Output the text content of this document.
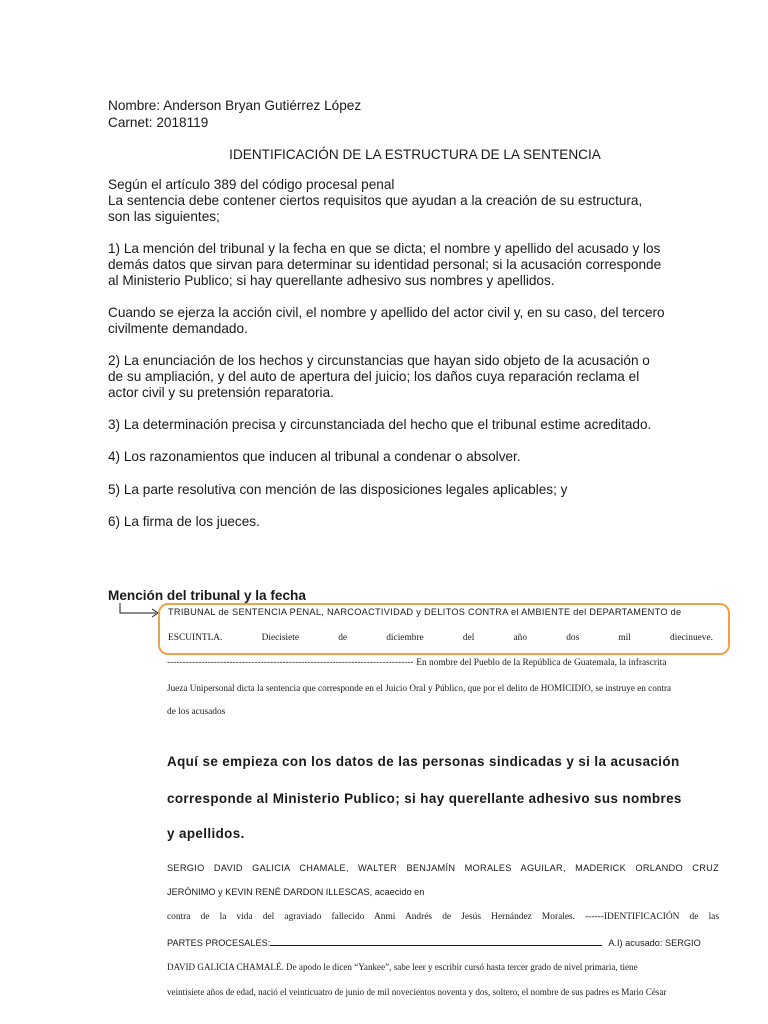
Nombre: Anderson Bryan Gutiérrez López

Carnet: 2018119

IDENTIFICACIÓN DE LA ESTRUCTURA DE LA SENTENCIA

Según el artículo 389 del código procesal penal

La sentencia debe contener ciertos requisitos que ayudan a la creación de su estructura,

son las siguientes;

1) La mención del tribunal y la fecha en que se dicta; el nombre y apellido del acusado y los

demás datos que sirvan para determinar su identidad personal; si la acusación corresponde

al Ministerio Publico; si hay querellante adhesivo sus nombres y apellidos.

Cuando se ejerza la acción civil, el nombre y apellido del actor civil y, en su caso, del tercero

civilmente demandado.

2) La enunciación de los hechos y circunstancias que hayan sido objeto de la acusación o

de su ampliación, y del auto de apertura del juicio; los daños cuya reparación reclama el

actor civil y su pretensión reparatoria.

3) La determinación precisa y circunstanciada del hecho que el tribunal estime acreditado.

4) Los razonamientos que inducen al tribunal a condenar o absolver.

5) La parte resolutiva con mención de las disposiciones legales aplicables; y

6) La firma de los jueces.

Mención del tribunal y la fecha

TRIBUNAL de SENTENCIA PENAL, NARCOACTIVIDAD y DELITOS CONTRA el AMBIENTE del DEPARTAMENTO de

ESCUINTLA. Diecisiete de diciembre del año dos mil diecinueve.

------------------------------------------------------------------------------- En nombre del Pueblo de la República de Guatemala, la infrascrita

Jueza Unipersonal dicta la sentencia que corresponde en el Juicio Oral y Público, que por el delito de HOMICIDIO, se instruye en contra

de los acusados

Aquí se empieza con los datos de las personas sindicadas y si la acusación

corresponde al Ministerio Publico; si hay querellante adhesivo sus nombres

y apellidos.

SERGIO DAVID GALICIA CHAMALE, WALTER BENJAMÍN MORALES AGUILAR, MADERICK ORLANDO CRUZ

JERÓNIMO y KEVIN RENÉ DARDON ILLESCAS, acaecido en

contra de la vida del agraviado fallecido Anmi Andrés de Jesús Hernández Morales. ------IDENTIFICACIÓN de las

PARTES PROCESALES:	A.I) acusado: SERGIO

DAVID GALICIA CHAMALÉ. De apodo le dicen “Yankee”, sabe leer y escribir cursó hasta tercer grado de nivel primaria, tiene

veintisiete años de edad, nació el veinticuatro de junio de mil novecientos noventa y dos, soltero, el nombre de sus padres es Mario César
